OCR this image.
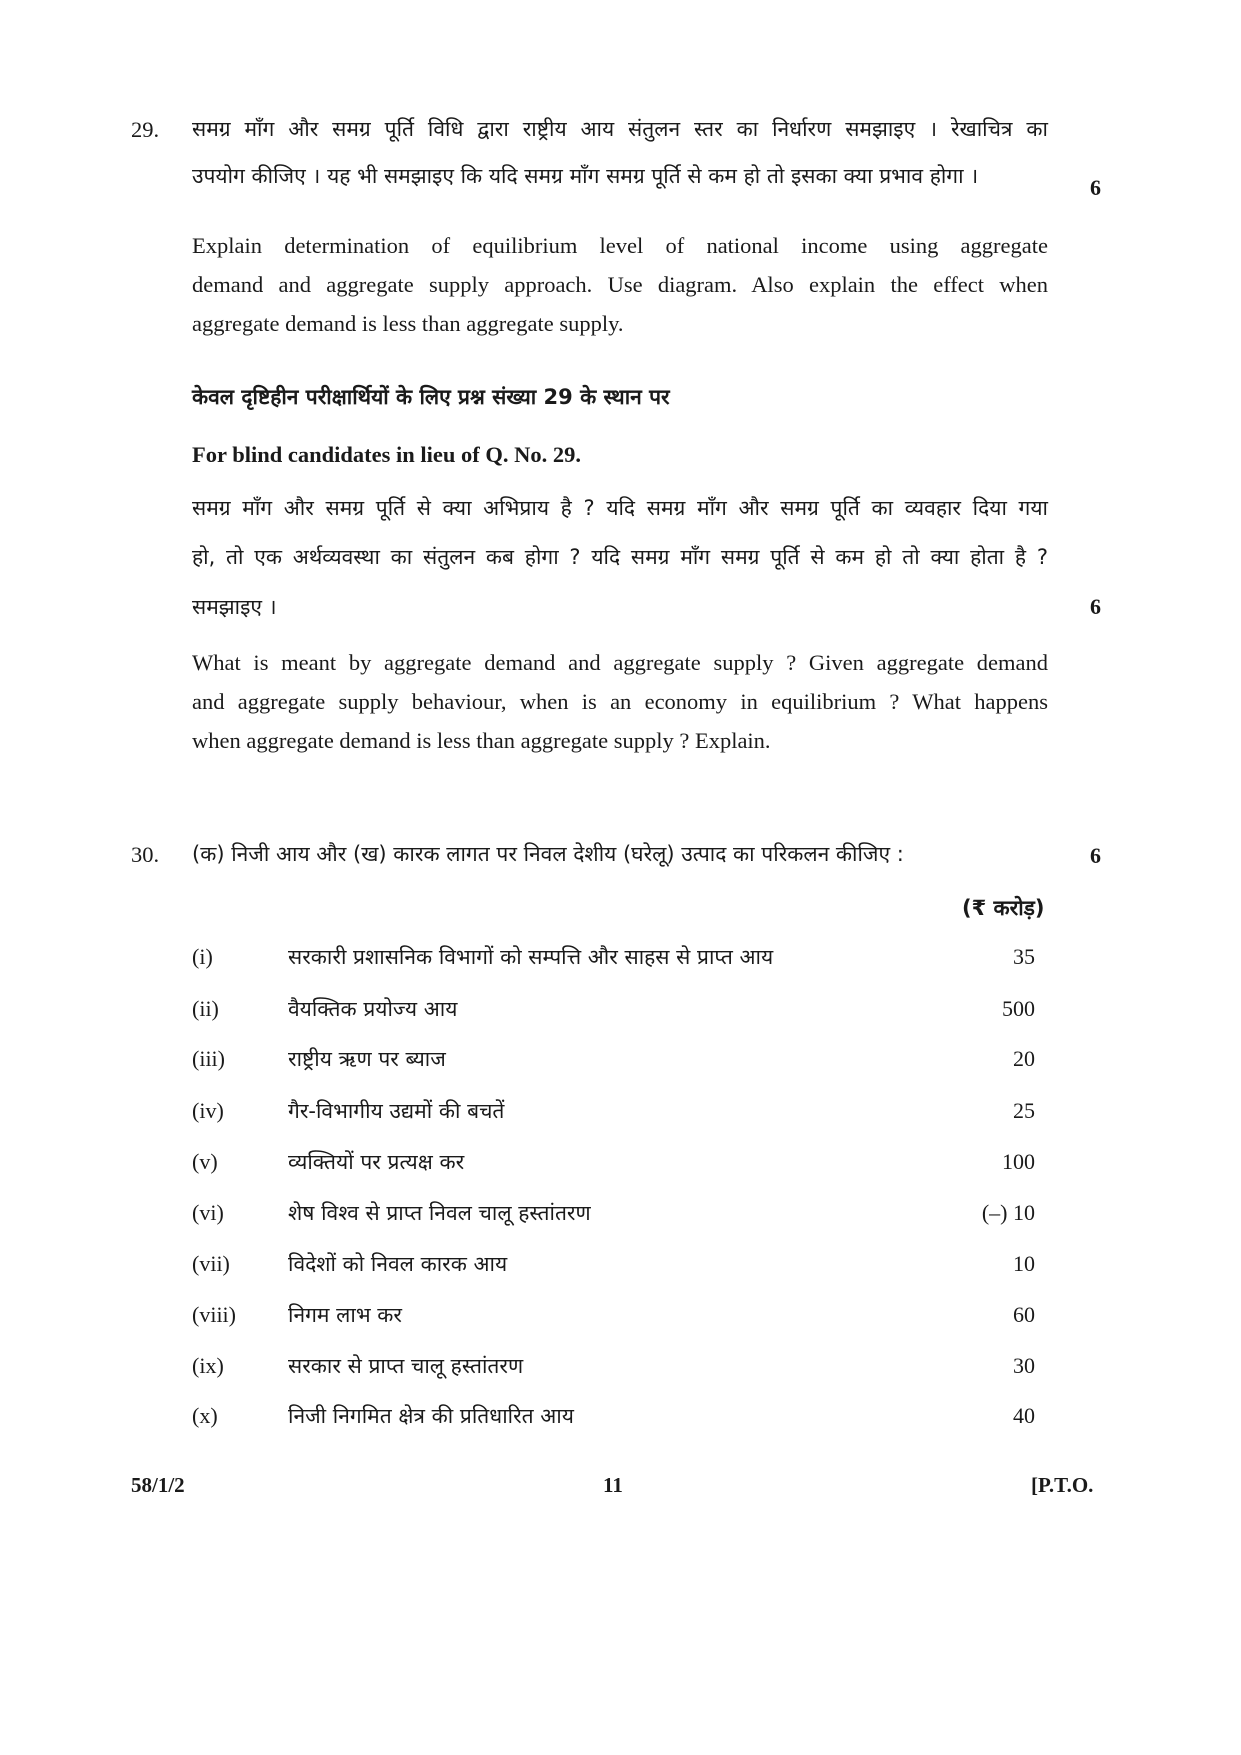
29. समग्र माँग और समग्र पूर्ति विधि द्वारा राष्ट्रीय आय संतुलन स्तर का निर्धारण समझाइए । रेखाचित्र का
उपयोग कीजिए । यह भी समझाइए कि यदि समग्र माँग समग्र पूर्ति से कम हो तो इसका क्या प्रभाव होगा ।	6
Explain determination of equilibrium level of national income using aggregate
demand and aggregate supply approach. Use diagram. Also explain the effect when
aggregate demand is less than aggregate supply.
केवल दृष्टिहीन परीक्षार्थियों के लिए प्रश्न संख्या 29 के स्थान पर
For blind candidates in lieu of Q. No. 29.
समग्र माँग और समग्र पूर्ति से क्या अभिप्राय है ? यदि समग्र माँग और समग्र पूर्ति का व्यवहार दिया गया
हो, तो एक अर्थव्यवस्था का संतुलन कब होगा ? यदि समग्र माँग समग्र पूर्ति से कम हो तो क्या होता है ?
समझाइए ।	6
What is meant by aggregate demand and aggregate supply ? Given aggregate demand
and aggregate supply behaviour, when is an economy in equilibrium ? What happens
when aggregate demand is less than aggregate supply ? Explain.
30. (क) निजी आय और (ख) कारक लागत पर निवल देशीय (घरेलू) उत्पाद का परिकलन कीजिए :	6
(₹ करोड़)
(i)	सरकारी प्रशासनिक विभागों को सम्पत्ति और साहस से प्राप्त आय	35
(ii)	वैयक्तिक प्रयोज्य आय	500
(iii)	राष्ट्रीय ऋण पर ब्याज	20
(iv)	गैर-विभागीय उद्यमों की बचतें	25
(v)	व्यक्तियों पर प्रत्यक्ष कर	100
(vi)	शेष विश्व से प्राप्त निवल चालू हस्तांतरण	(–) 10
(vii)	विदेशों को निवल कारक आय	10
(viii) निगम लाभ कर	60
(ix)	सरकार से प्राप्त चालू हस्तांतरण	30
(x)	निजी निगमित क्षेत्र की प्रतिधारित आय	40
58/1/2	11	[P.T.O.
